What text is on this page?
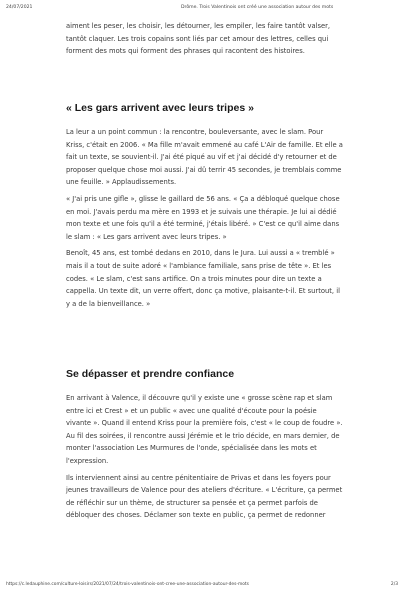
24/07/2021	Drôme. Trois Valentinois ont créé une association autour des mots

aiment les peser, les choisir, les détourner, les empiler, les faire tantôt valser,
tantôt claquer. Les trois copains sont liés par cet amour des lettres, celles qui
forment des mots qui forment des phrases qui racontent des histoires.

« Les gars arrivent avec leurs tripes »

La leur a un point commun : la rencontre, bouleversante, avec le slam. Pour
Kriss, c'était en 2006. « Ma fille m'avait emmené au café L'Air de famille. Et elle a
fait un texte, se souvient-il. J'ai été piqué au vif et j'ai décidé d'y retourner et de
proposer quelque chose moi aussi. J'ai dû terrir 45 secondes, je tremblais comme
une feuille. » Applaudissements.

« J'ai pris une gifle », glisse le gaillard de 56 ans. « Ça a débloqué quelque chose
en moi. J'avais perdu ma mère en 1993 et je suivais une thérapie. Je lui ai dédié
mon texte et une fois qu'il a été terminé, j'étais libéré. » C'est ce qu'il aime dans
le slam : « Les gars arrivent avec leurs tripes. »

Benoît, 45 ans, est tombé dedans en 2010, dans le Jura. Lui aussi a « tremblé »
mais il a tout de suite adoré « l'ambiance familiale, sans prise de tête ». Et les
codes. « Le slam, c'est sans artifice. On a trois minutes pour dire un texte a
cappella. Un texte dit, un verre offert, donc ça motive, plaisante-t-il. Et surtout, il
y a de la bienveillance. »

Se dépasser et prendre confiance

En arrivant à Valence, il découvre qu'il y existe une « grosse scène rap et slam
entre ici et Crest » et un public « avec une qualité d'écoute pour la poésie
vivante ». Quand il entend Kriss pour la première fois, c'est « le coup de foudre ».
Au fil des soirées, il rencontre aussi Jérémie et le trio décide, en mars dernier, de
monter l'association Les Murmures de l'onde, spécialisée dans les mots et
l'expression.

Ils interviennent ainsi au centre pénitentiaire de Privas et dans les foyers pour
jeunes travailleurs de Valence pour des ateliers d'écriture. « L'écriture, ça permet
de réfléchir sur un thème, de structurer sa pensée et ça permet parfois de
débloquer des choses. Déclamer son texte en public, ça permet de redonner

https://c.ledauphine.com/culture-loisirs/2021/07/24/trois-valentinois-ont-cree-une-association-autour-des-mots	2/3
